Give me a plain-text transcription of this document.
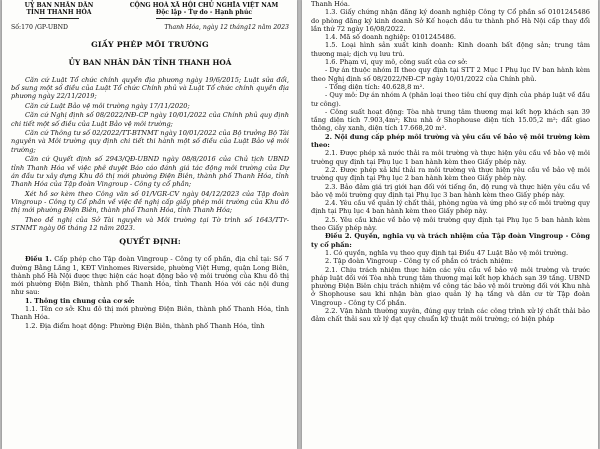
UỶ BAN NHÂN DÂN
TỈNH THANH HÓA
CỘNG HOÀ XÃ HỘI CHỦ NGHĨA VIỆT NAM
Độc lập - Tự do - Hạnh phúc
Số:170 /GP-UBND	Thanh Hóa, ngày 12 tháng12 năm 2023
GIẤY PHÉP MÔI TRƯỜNG
ỦY BAN NHÂN DÂN TỈNH THANH HOÁ

Căn cứ Luật Tổ chức chính quyền địa phương ngày 19/6/2015; Luật sửa đổi, bổ sung một số điều của Luật Tổ chức Chính phủ và Luật Tổ chức chính quyền địa phương ngày 22/11/2019;

Căn cứ Luật Bảo vệ môi trường ngày 17/11/2020;

Căn cứ Nghị định số 08/2022/NĐ-CP ngày 10/01/2022 của Chính phủ quy định chi tiết một số điều của Luật Bảo vệ môi trường;

Căn cứ Thông tư số 02/2022/TT-BTNMT ngày 10/01/2022 của Bộ trưởng Bộ Tài nguyên và Môi trường quy định chi tiết thi hành một số điều của Luật Bảo vệ môi trường;

Căn cứ Quyết định số 2943/QĐ-UBND ngày 08/8/2016 của Chủ tịch UBND tỉnh Thanh Hóa về việc phê duyệt Báo cáo đánh giá tác động môi trường của Dự án đầu tư xây dựng Khu đô thị mới phường Điện Biên, thành phố Thanh Hóa, tỉnh Thanh Hóa của Tập đoàn Vingroup - Công ty cổ phần;

Xét hồ sơ kèm theo Công văn số 01/VGR-CV ngày 04/12/2023 của Tập đoàn Vingroup - Công ty Cổ phần về việc đề nghị cấp giấy phép môi trường của Khu đô thị mới phường Điện Biên, thành phố Thanh Hóa, tỉnh Thanh Hóa;

Theo đề nghị của Sở Tài nguyên và Môi trường tại Tờ trình số 1643/TTr-STNMT ngày 06 tháng 12 năm 2023.

QUYẾT ĐỊNH:

Điều 1. Cấp phép cho Tập đoàn Vingroup - Công ty cổ phần, địa chỉ tại: Số 7 đường Bằng Lăng 1, KĐT Vinhomes Riverside, phường Việt Hưng, quận Long Biên, thành phố Hà Nội được thực hiện các hoạt động bảo vệ môi trường của Khu đô thị mới phường Điện Biên, thành phố Thanh Hóa, tỉnh Thanh Hóa với các nội dung như sau:

1. Thông tin chung của cơ sở:

1.1. Tên cơ sở: Khu đô thị mới phường Điện Biên, thành phố Thanh Hóa, tỉnh Thanh Hóa.

1.2. Địa điểm hoạt động: Phường Điện Biên, thành phố Thanh Hóa, tỉnh

Thanh Hóa.

1.3. Giấy chứng nhận đăng ký doanh nghiệp Công ty Cổ phần số 0101245486 do phòng đăng ký kinh doanh Sở Kế hoạch đầu tư thành phố Hà Nội cấp thay đổi lần thứ 72 ngày 16/08/2022.

1.4. Mã số doanh nghiệp: 0101245486.

1.5. Loại hình sản xuất kinh doanh: Kinh doanh bất động sản; trung tâm thương mại; dịch vụ lưu trú.

1.6. Phạm vi, quy mô, công suất của cơ sở:

- Dự án thuộc nhóm II theo quy định tại STT 2 Mục I Phụ lục IV ban hành kèm theo Nghị định số 08/2022/NĐ-CP ngày 10/01/2022 của Chính phủ.

- Tổng diện tích: 40.628,8 m².

- Quy mô: Dự án nhóm A (phân loại theo tiêu chí quy định của pháp luật về đầu tư công).

- Công suất hoạt động: Tòa nhà trung tâm thương mại kết hợp khách sạn 39 tầng diện tích 7.903,4m²; Khu nhà ở Shophouse diện tích 15.05,2 m²; đất giao thông, cây xanh, diện tích 17.668,20 m².

2. Nội dung cấp phép môi trường và yêu cầu về bảo vệ môi trường kèm theo:

2.1. Được phép xả nước thải ra môi trường và thực hiện yêu cầu về bảo vệ môi trường quy định tại Phụ lục 1 ban hành kèm theo Giấy phép này.

2.2. Được phép xả khí thải ra môi trường và thực hiện yêu cầu về bảo vệ môi trường quy định tại Phụ lục 2 ban hành kèm theo Giấy phép này.

2.3. Bảo đảm giá trị giới hạn đối với tiếng ồn, độ rung và thực hiện yêu cầu về bảo vệ môi trường quy định tại Phụ lục 3 ban hành kèm theo Giấy phép này.

2.4. Yêu cầu về quản lý chất thải, phòng ngừa và ứng phó sự cố môi trường quy định tại Phụ lục 4 ban hành kèm theo Giấy phép này.

2.5. Yêu cầu khác về bảo vệ môi trường quy định tại Phụ lục 5 ban hành kèm theo Giấy phép này.

Điều 2. Quyền, nghĩa vụ và trách nhiệm của Tập đoàn Vingroup - Công ty cổ phần:

1. Có quyền, nghĩa vụ theo quy định tại Điều 47 Luật Bảo vệ môi trường.

2. Tập đoàn Vingroup - Công ty cổ phần có trách nhiệm:

2.1. Chịu trách nhiệm thực hiện các yêu cầu về bảo vệ môi trường và trước pháp luật đối với Tòa nhà trung tâm thương mại kết hợp khách sạn 39 tầng. UBND phường Điện Biên chịu trách nhiệm về công tác bảo vệ môi trường đối với Khu nhà ở Shophouse sau khi nhận bàn giao quản lý hạ tầng và dân cư từ Tập đoàn Vingroup - Công ty Cổ phần.

2.2. Vận hành thường xuyên, đúng quy trình các công trình xử lý chất thải bảo đảm chất thải sau xử lý đạt quy chuẩn kỹ thuật môi trường; có biện pháp
